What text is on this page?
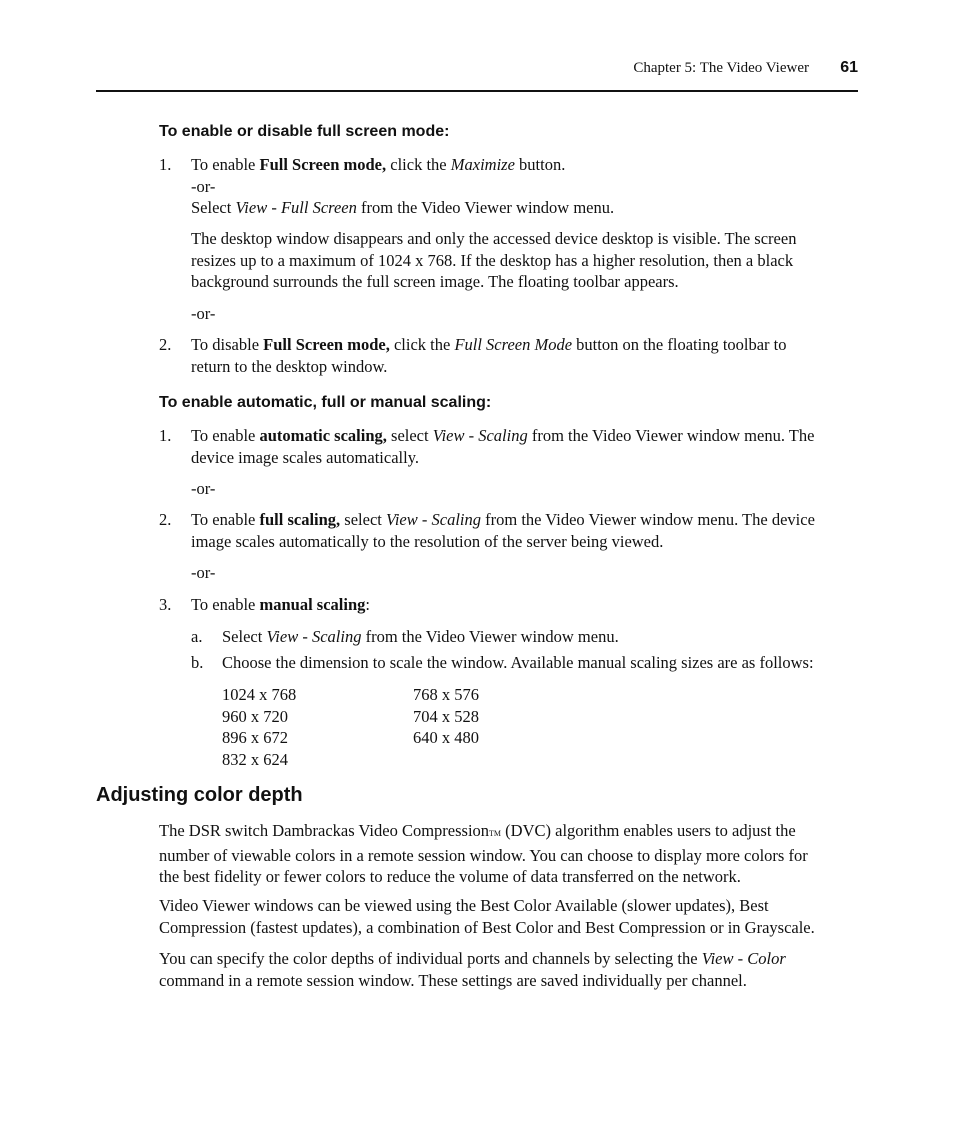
Chapter 5: The Video Viewer 61
To enable or disable full screen mode:
1. To enable Full Screen mode, click the Maximize button.
-or-
Select View - Full Screen from the Video Viewer window menu.
The desktop window disappears and only the accessed device desktop is visible. The screen
resizes up to a maximum of 1024 x 768. If the desktop has a higher resolution, then a black
background surrounds the full screen image. The floating toolbar appears.
-or-
2. To disable Full Screen mode, click the Full Screen Mode button on the floating toolbar to
return to the desktop window.
To enable automatic, full or manual scaling:
1. To enable automatic scaling, select View - Scaling from the Video Viewer window menu. The
device image scales automatically.
-or-
2. To enable full scaling, select View - Scaling from the Video Viewer window menu. The device
image scales automatically to the resolution of the server being viewed.
-or-
3. To enable manual scaling:
a. Select View - Scaling from the Video Viewer window menu.
b. Choose the dimension to scale the window. Available manual scaling sizes are as follows:
1024 x 768
960 x 720
896 x 672
832 x 624
768 x 576
704 x 528
640 x 480
Adjusting color depth
The DSR switch Dambrackas Video CompressionTM (DVC) algorithm enables users to adjust the
number of viewable colors in a remote session window. You can choose to display more colors for
the best fidelity or fewer colors to reduce the volume of data transferred on the network.
Video Viewer windows can be viewed using the Best Color Available (slower updates), Best
Compression (fastest updates), a combination of Best Color and Best Compression or in Grayscale.
You can specify the color depths of individual ports and channels by selecting the View - Color
command in a remote session window. These settings are saved individually per channel.
